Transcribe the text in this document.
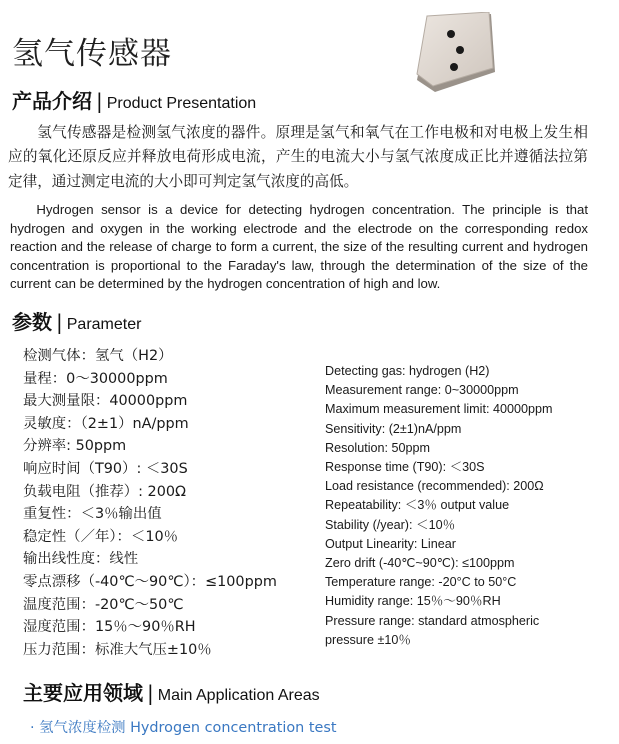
氢气传感器
产品介绍 | Product Presentation

氢气传感器是检测氢气浓度的器件。原理是氢气和氧气在工作电极和对电极上发生相应的氧化还原反应并释放电荷形成电流，产生的电流大小与氢气浓度成正比并遵循法拉第定律，通过测定电流的大小即可判定氢气浓度的高低。

Hydrogen sensor is a device for detecting hydrogen concentration. The principle is that hydrogen and oxygen in the working electrode and the electrode on the corresponding redox reaction and the release of charge to form a current, the size of the resulting current and hydrogen concentration is proportional to the Faraday's law, through the determination of the size of the current can be determined by the hydrogen concentration of high and low.

参数 | Parameter
检测气体：氢气（H2）
量程：0～30000ppm
最大测量限：40000ppm
灵敏度：（2±1）nA/ppm
分辨率: 50ppm
响应时间（T90）: ＜30S
负载电阻（推荐）: 200Ω
重复性：＜3％输出值
稳定性（／年）：＜10％
输出线性度：线性
零点漂移（-40℃～90℃）：≤100ppm
温度范围：-20℃～50℃
湿度范围：15％～90％RH
压力范围：标准大气压±10％
Detecting gas: hydrogen (H2)
Measurement range: 0~30000ppm
Maximum measurement limit: 40000ppm
Sensitivity: (2±1)nA/ppm
Resolution: 50ppm
Response time (T90): ＜30S
Load resistance (recommended): 200Ω
Repeatability: ＜3％ output value
Stability (/year): ＜10％
Output Linearity: Linear
Zero drift (-40℃~90℃): ≤100ppm
Temperature range: -20°C to 50°C
Humidity range: 15％～90％RH
Pressure range: standard atmospheric
pressure ±10％
主要应用领域 | Main Application Areas
· 氢气浓度检测 Hydrogen concentration test
